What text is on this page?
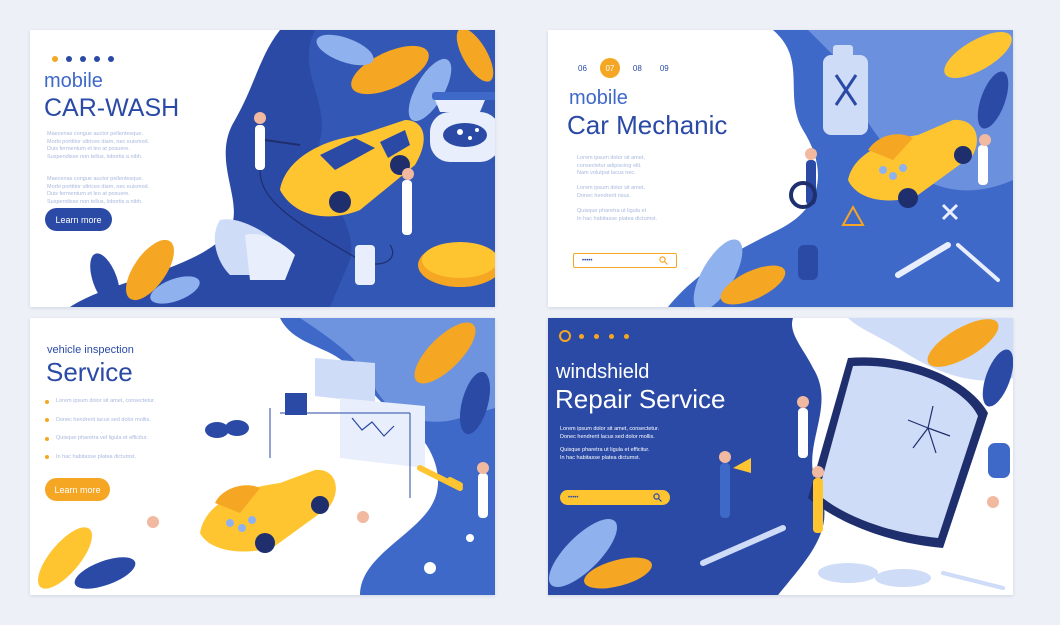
mobile
CAR-WASH
Maecenas congue auctor pellentesque.
Morbi porttitor ultrices diam, nec euismod.
Duis fermentum et leo at posuere.
Suspendisse non tellus, lobortis a nibh.
Maecenas congue auctor pellentesque.
Morbi porttitor ultrices diam, nec euismod.
Duis fermentum et leo at posuere.
Suspendisse non tellus, lobortis a nibh.
Learn more
06	07	08 09
mobile
Car Mechanic
Lorem ipsum dolor sit amet,
consectetur adipiscing elit.
Nam volutpat lacus nec.
Lorem ipsum dolor sit amet,
Donec hendrerit risus.
Quisque pharetra ut ligula et
In hac habitasse platea dictumst.
•••••
vehicle inspection
Service
Lorem ipsum dolor sit amet, consectetur.
Donec hendrerit lacus sed dolor mollis.
Quisque pharetra vel ligula et efficitur.
In hac habitasse platea dictumst.
Learn more
windshield
Repair Service
Lorem ipsum dolor sit amet, consectetur.
Donec hendrerit lacus sed dolor mollis.
Quisque pharetra ut ligula et efficitur.
In hac habitasse platea dictumst.
•••••
